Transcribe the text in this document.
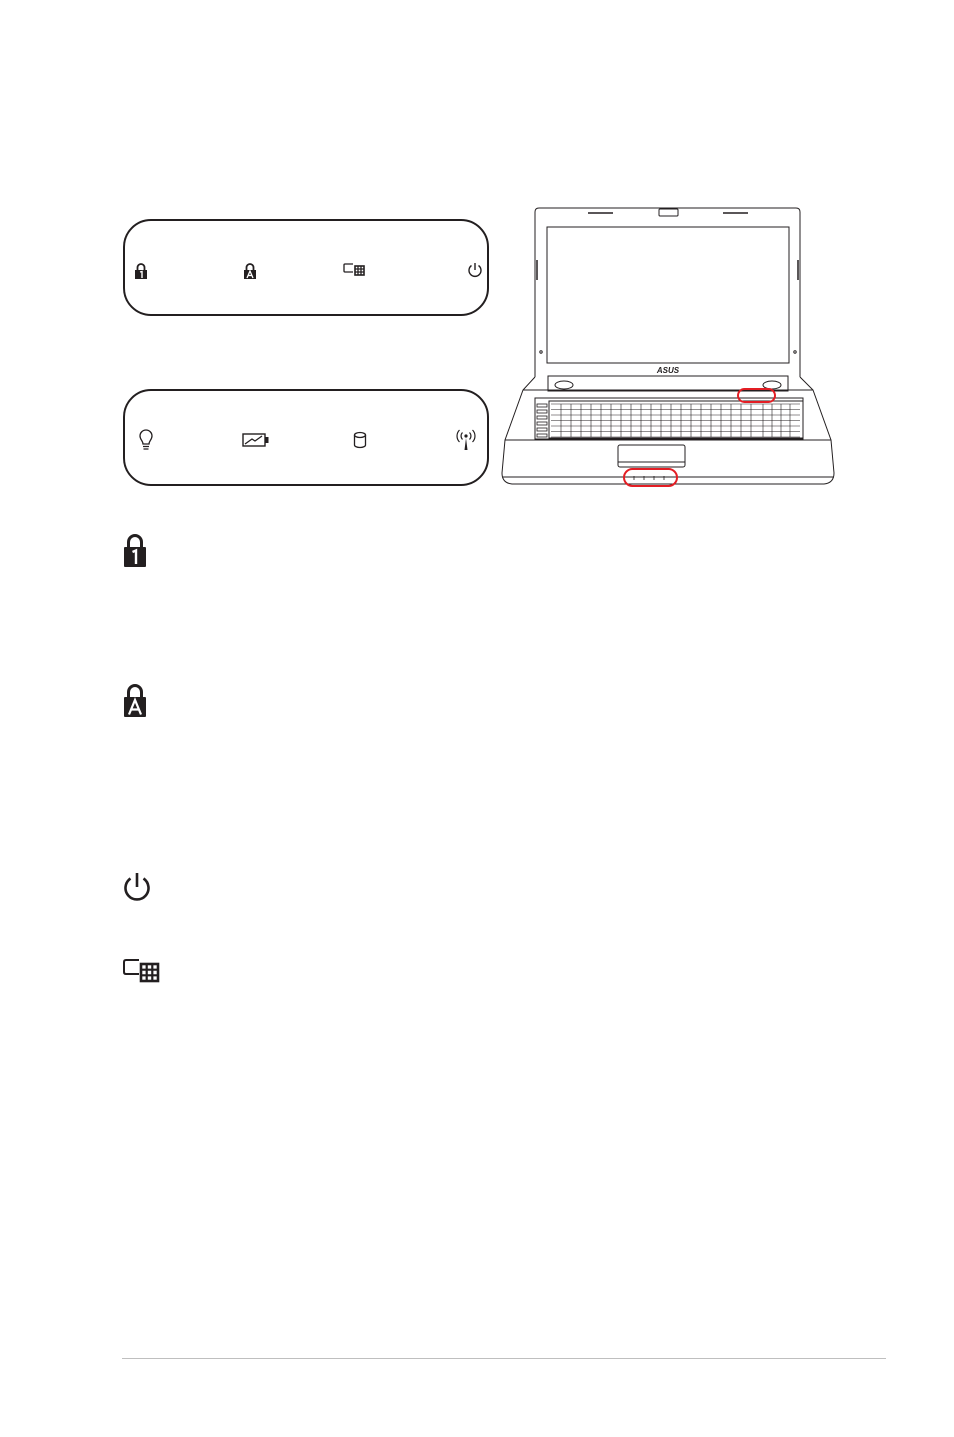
ASUS
